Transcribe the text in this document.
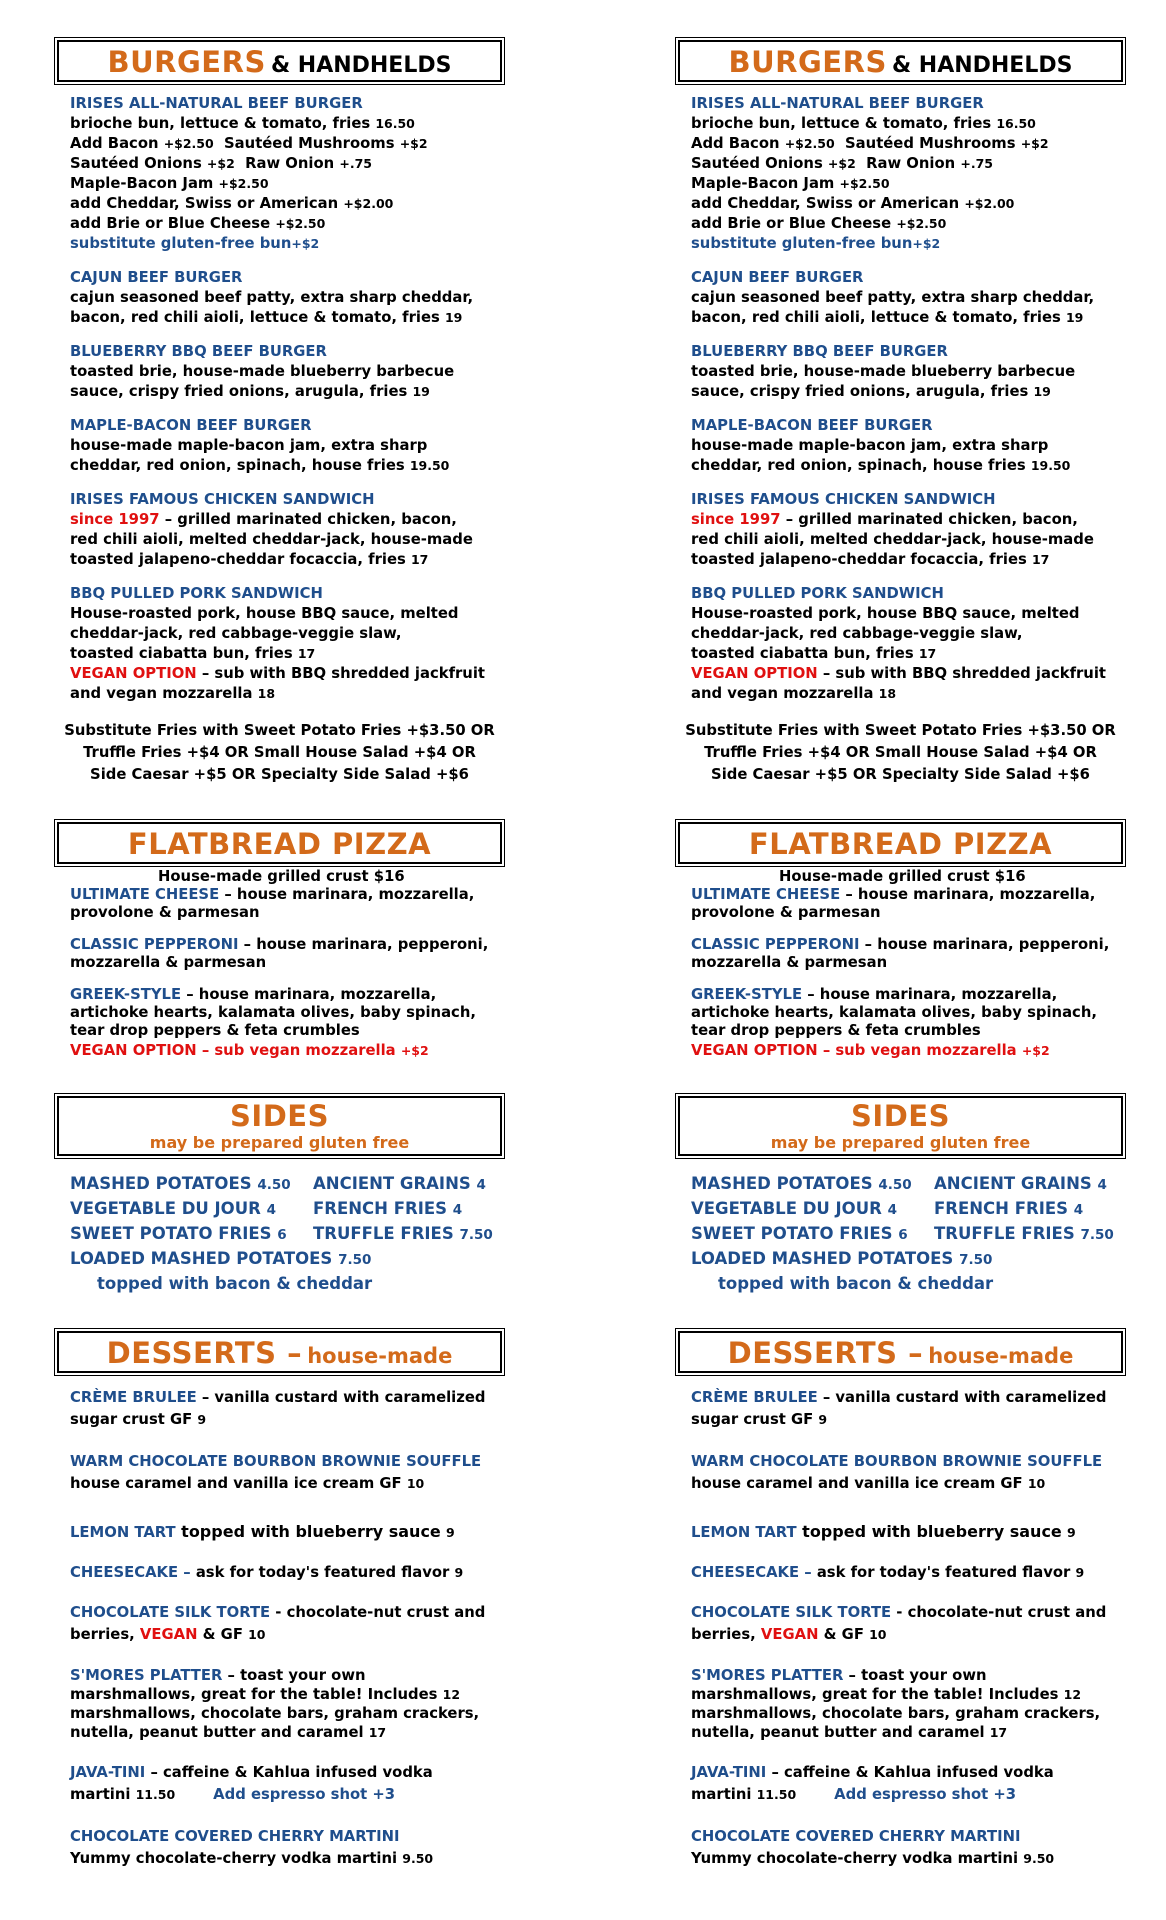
BURGERS & HANDHELDS
IRISES ALL-NATURAL BEEF BURGER
brioche bun, lettuce & tomato, fries 16.50
Add Bacon +$2.50 Sautéed Mushrooms +$2
Sautéed Onions +$2 Raw Onion +.75
Maple-Bacon Jam +$2.50
add Cheddar, Swiss or American +$2.00
add Brie or Blue Cheese +$2.50
substitute gluten-free bun+$2
CAJUN BEEF BURGER
cajun seasoned beef patty, extra sharp cheddar,
bacon, red chili aioli, lettuce & tomato, fries 19
BLUEBERRY BBQ BEEF BURGER
toasted brie, house-made blueberry barbecue
sauce, crispy fried onions, arugula, fries 19
MAPLE-BACON BEEF BURGER
house-made maple-bacon jam, extra sharp
cheddar, red onion, spinach, house fries 19.50
IRISES FAMOUS CHICKEN SANDWICH
since 1997 – grilled marinated chicken, bacon,
red chili aioli, melted cheddar-jack, house-made
toasted jalapeno-cheddar focaccia, fries 17
BBQ PULLED PORK SANDWICH
House-roasted pork, house BBQ sauce, melted
cheddar-jack, red cabbage-veggie slaw,
toasted ciabatta bun, fries 17
VEGAN OPTION – sub with BBQ shredded jackfruit
and vegan mozzarella 18
Substitute Fries with Sweet Potato Fries +$3.50 OR
Truffle Fries +$4 OR Small House Salad +$4 OR
Side Caesar +$5 OR Specialty Side Salad +$6
FLATBREAD PIZZA
House-made grilled crust $16
ULTIMATE CHEESE – house marinara, mozzarella,
provolone & parmesan
CLASSIC PEPPERONI – house marinara, pepperoni,
mozzarella & parmesan
GREEK-STYLE – house marinara, mozzarella,
artichoke hearts, kalamata olives, baby spinach,
tear drop peppers & feta crumbles
VEGAN OPTION – sub vegan mozzarella +$2
SIDES
may be prepared gluten free
MASHED POTATOES 4.50 ANCIENT GRAINS 4
VEGETABLE DU JOUR 4 FRENCH FRIES 4
SWEET POTATO FRIES 6 TRUFFLE FRIES 7.50
LOADED MASHED POTATOES 7.50
topped with bacon & cheddar
DESSERTS – house-made
CRÈME BRULEE – vanilla custard with caramelized
sugar crust GF 9
WARM CHOCOLATE BOURBON BROWNIE SOUFFLE
house caramel and vanilla ice cream GF 10
LEMON TART topped with blueberry sauce 9
CHEESECAKE – ask for today's featured flavor 9
CHOCOLATE SILK TORTE - chocolate-nut crust and
berries, VEGAN & GF 10
S'MORES PLATTER – toast your own
marshmallows, great for the table! Includes 12
marshmallows, chocolate bars, graham crackers,
nutella, peanut butter and caramel 17
JAVA-TINI – caffeine & Kahlua infused vodka
martini 11.50	Add espresso shot +3
CHOCOLATE COVERED CHERRY MARTINI
Yummy chocolate-cherry vodka martini 9.50
BURGERS & HANDHELDS
IRISES ALL-NATURAL BEEF BURGER
brioche bun, lettuce & tomato, fries 16.50
Add Bacon +$2.50 Sautéed Mushrooms +$2
Sautéed Onions +$2 Raw Onion +.75
Maple-Bacon Jam +$2.50
add Cheddar, Swiss or American +$2.00
add Brie or Blue Cheese +$2.50
substitute gluten-free bun+$2
CAJUN BEEF BURGER
cajun seasoned beef patty, extra sharp cheddar,
bacon, red chili aioli, lettuce & tomato, fries 19
BLUEBERRY BBQ BEEF BURGER
toasted brie, house-made blueberry barbecue
sauce, crispy fried onions, arugula, fries 19
MAPLE-BACON BEEF BURGER
house-made maple-bacon jam, extra sharp
cheddar, red onion, spinach, house fries 19.50
IRISES FAMOUS CHICKEN SANDWICH
since 1997 – grilled marinated chicken, bacon,
red chili aioli, melted cheddar-jack, house-made
toasted jalapeno-cheddar focaccia, fries 17
BBQ PULLED PORK SANDWICH
House-roasted pork, house BBQ sauce, melted
cheddar-jack, red cabbage-veggie slaw,
toasted ciabatta bun, fries 17
VEGAN OPTION – sub with BBQ shredded jackfruit
and vegan mozzarella 18
Substitute Fries with Sweet Potato Fries +$3.50 OR
Truffle Fries +$4 OR Small House Salad +$4 OR
Side Caesar +$5 OR Specialty Side Salad +$6
FLATBREAD PIZZA
House-made grilled crust $16
ULTIMATE CHEESE – house marinara, mozzarella,
provolone & parmesan
CLASSIC PEPPERONI – house marinara, pepperoni,
mozzarella & parmesan
GREEK-STYLE – house marinara, mozzarella,
artichoke hearts, kalamata olives, baby spinach,
tear drop peppers & feta crumbles
VEGAN OPTION – sub vegan mozzarella +$2
SIDES
may be prepared gluten free
MASHED POTATOES 4.50 ANCIENT GRAINS 4
VEGETABLE DU JOUR 4 FRENCH FRIES 4
SWEET POTATO FRIES 6 TRUFFLE FRIES 7.50
LOADED MASHED POTATOES 7.50
topped with bacon & cheddar
DESSERTS – house-made
CRÈME BRULEE – vanilla custard with caramelized
sugar crust GF 9
WARM CHOCOLATE BOURBON BROWNIE SOUFFLE
house caramel and vanilla ice cream GF 10
LEMON TART topped with blueberry sauce 9
CHEESECAKE – ask for today's featured flavor 9
CHOCOLATE SILK TORTE - chocolate-nut crust and
berries, VEGAN & GF 10
S'MORES PLATTER – toast your own
marshmallows, great for the table! Includes 12
marshmallows, chocolate bars, graham crackers,
nutella, peanut butter and caramel 17
JAVA-TINI – caffeine & Kahlua infused vodka
martini 11.50	Add espresso shot +3
CHOCOLATE COVERED CHERRY MARTINI
Yummy chocolate-cherry vodka martini 9.50
